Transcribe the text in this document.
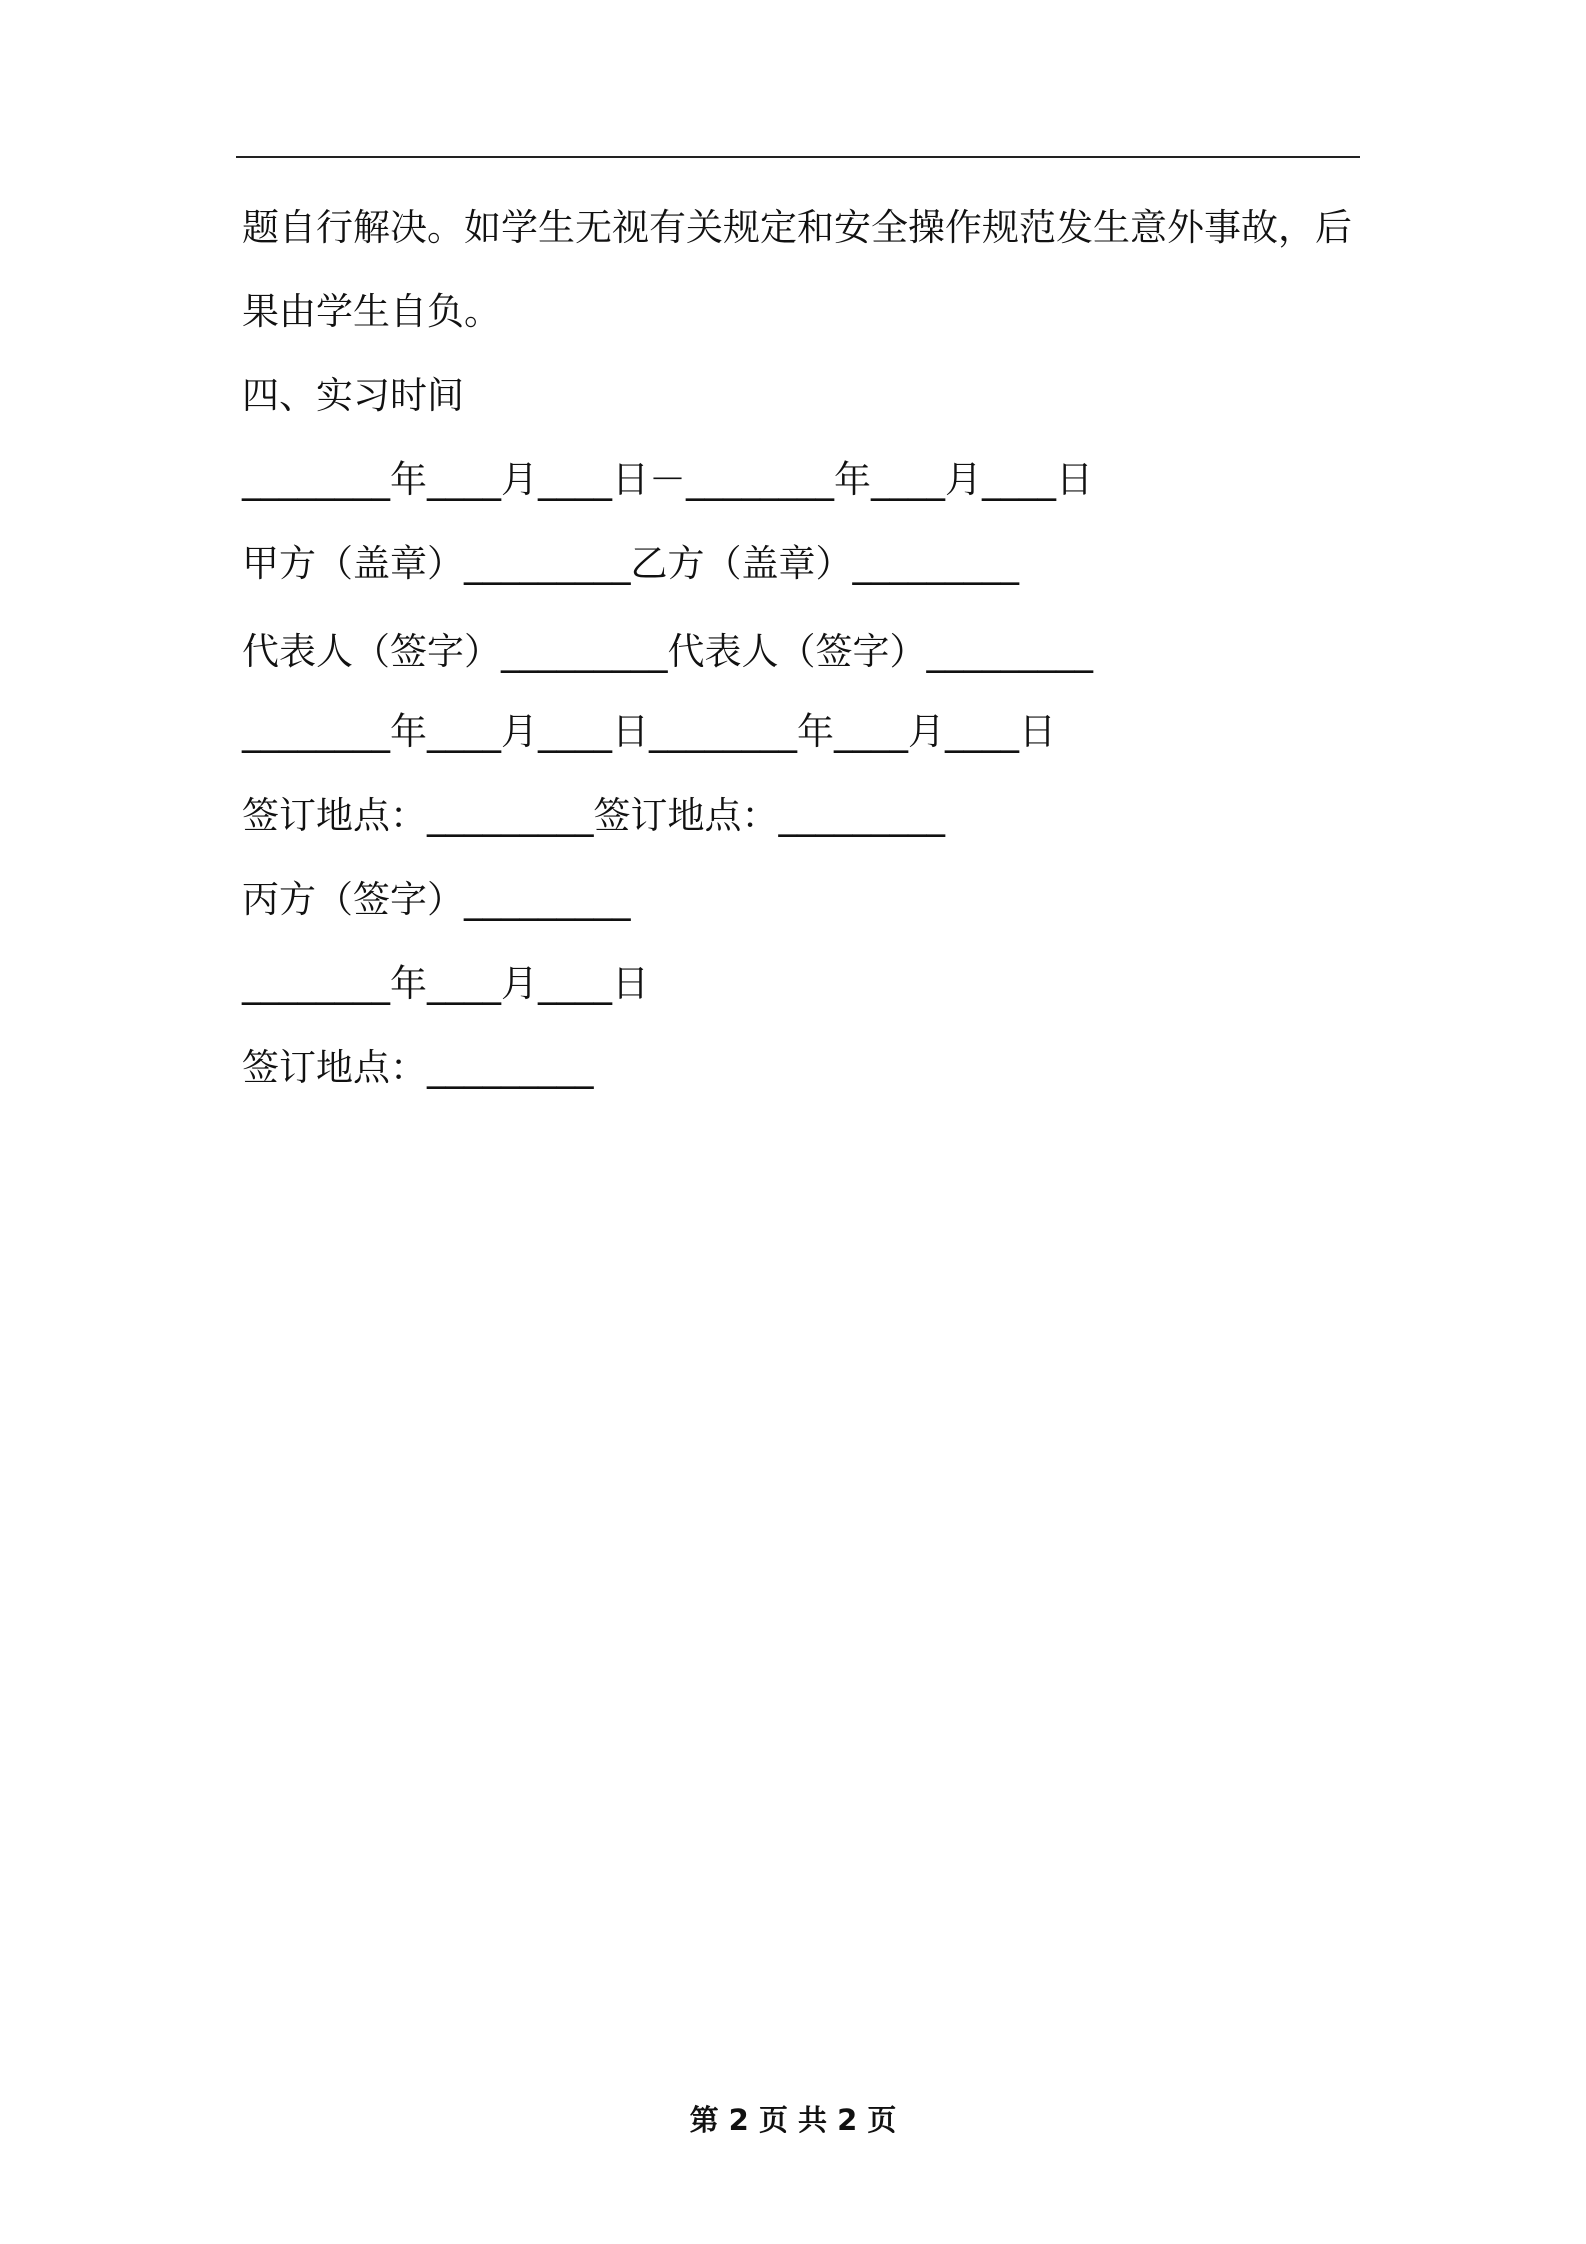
题自行解决。如学生无视有关规定和安全操作规范发生意外事故，后
果由学生自负。
四、实习时间
________年____月____日－________年____月____日
甲方（盖章）_________乙方（盖章）_________
代表人（签字）_________代表人（签字）_________
________年____月____日________年____月____日
签订地点：_________签订地点：_________
丙方（签字）_________
________年____月____日
签订地点：_________
第 2 页 共 2 页
